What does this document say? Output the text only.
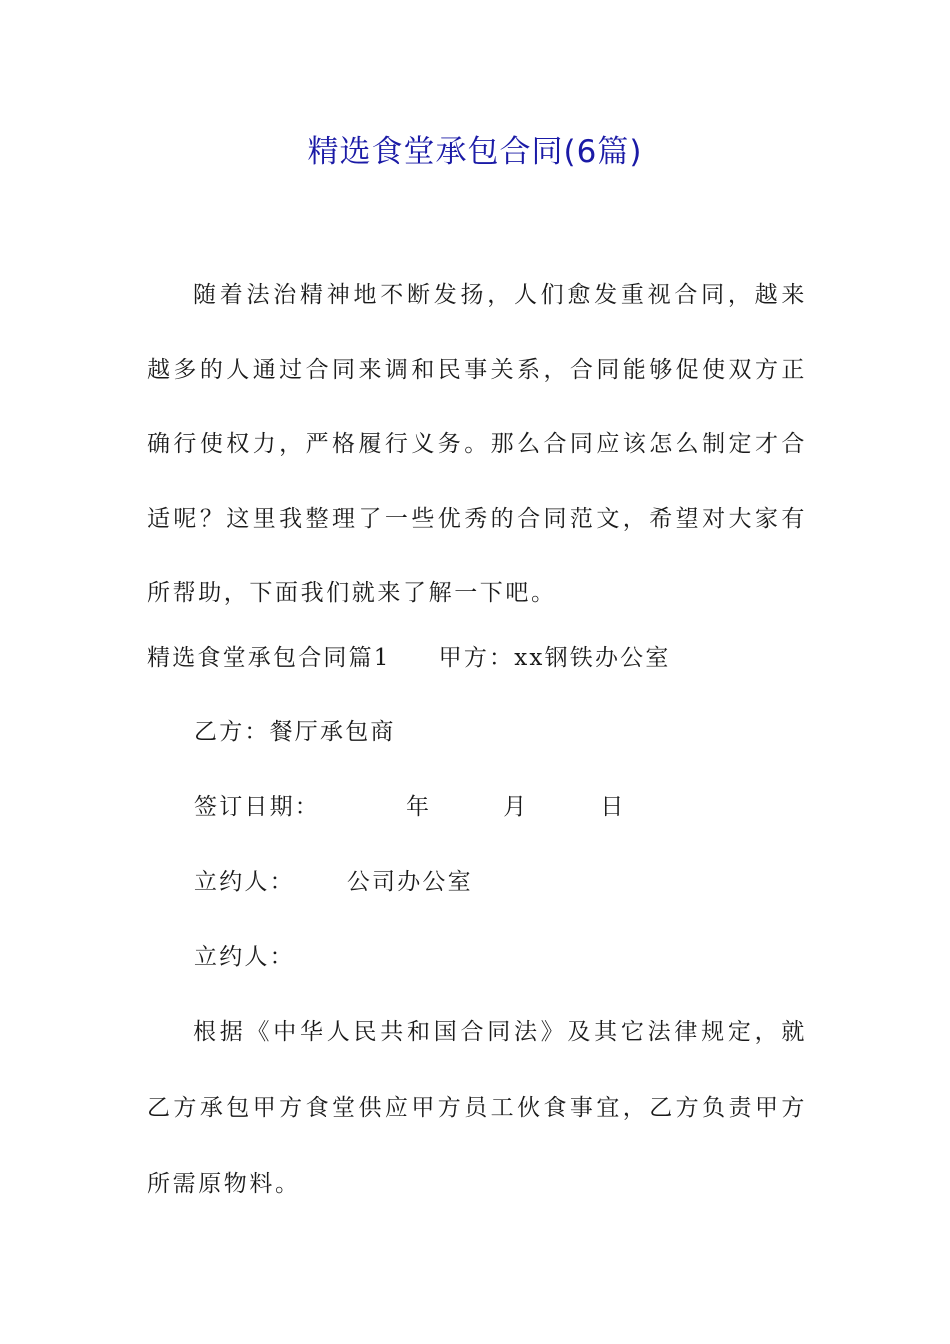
精选食堂承包合同(6篇)

随着法治精神地不断发扬，人们愈发重视合同，越来越多的人通过合同来调和民事关系，合同能够促使双方正确行使权力，严格履行义务。那么合同应该怎么制定才合适呢？这里我整理了一些优秀的合同范文，希望对大家有所帮助，下面我们就来了解一下吧。

精选食堂承包合同篇1 甲方：xx钢铁办公室

乙方：餐厅承包商

签订日期：	年	月	日

立约人： 公司办公室

立约人：

根据《中华人民共和国合同法》及其它法律规定，就乙方承包甲方食堂供应甲方员工伙食事宜，乙方负责甲方所需原物料。
